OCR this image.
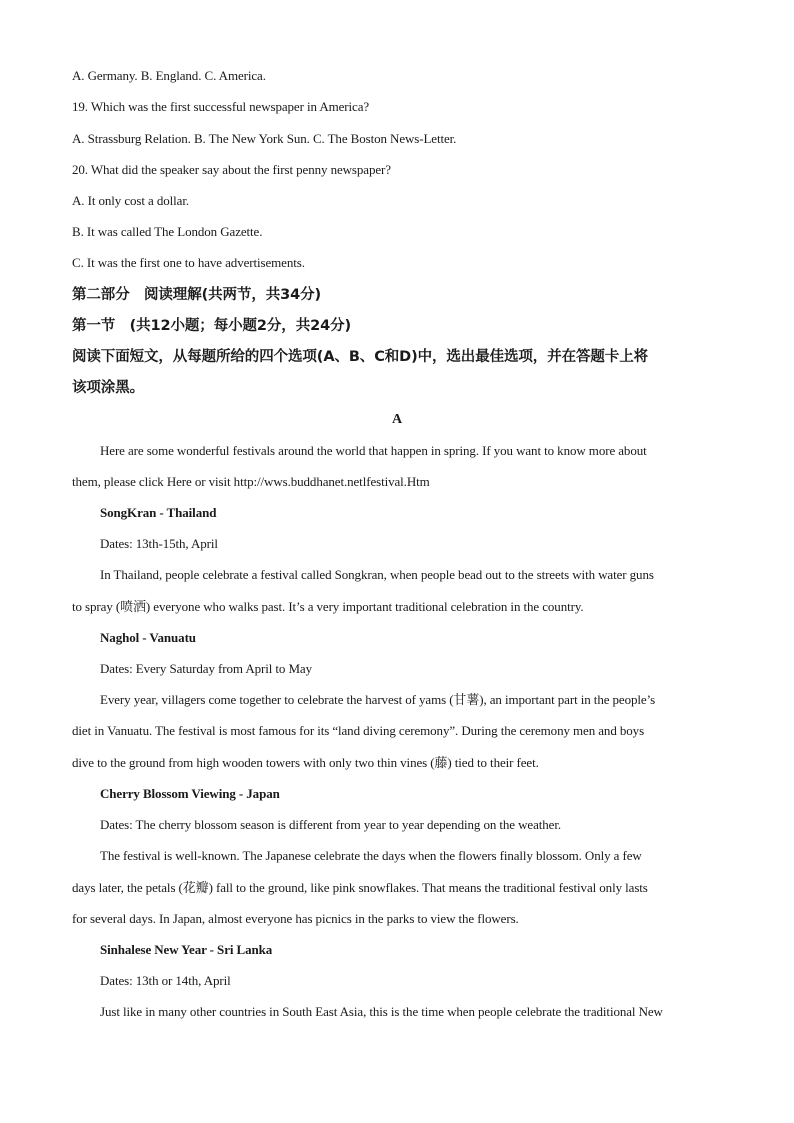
A. Germany. B. England. C. America.
19. Which was the first successful newspaper in America?
A. Strassburg Relation. B. The New York Sun. C. The Boston News-Letter.
20. What did the speaker say about the first penny newspaper?
A. It only cost a dollar.
B. It was called The London Gazette.
C. It was the first one to have advertisements.
第二部分　阅读理解(共两节，共34分)
第一节　(共12小题；每小题2分，共24分)
阅读下面短文，从每题所给的四个选项(A、B、C和D)中，选出最佳选项，并在答题卡上将
该项涂黑。
A
Here are some wonderful festivals around the world that happen in spring. If you want to know more about
them, please click Here or visit http://wws.buddhanet.netlfestival.Htm
SongKran - Thailand
Dates: 13th-15th, April
In Thailand, people celebrate a festival called Songkran, when people bead out to the streets with water guns
to spray (喷洒) everyone who walks past. It’s a very important traditional celebration in the country.
Naghol - Vanuatu
Dates: Every Saturday from April to May
Every year, villagers come together to celebrate the harvest of yams (甘薯), an important part in the people’s
diet in Vanuatu. The festival is most famous for its “land diving ceremony”. During the ceremony men and boys
dive to the ground from high wooden towers with only two thin vines (藤) tied to their feet.
Cherry Blossom Viewing - Japan
Dates: The cherry blossom season is different from year to year depending on the weather.
The festival is well-known. The Japanese celebrate the days when the flowers finally blossom. Only a few
days later, the petals (花瓣) fall to the ground, like pink snowflakes. That means the traditional festival only lasts
for several days. In Japan, almost everyone has picnics in the parks to view the flowers.
Sinhalese New Year - Sri Lanka
Dates: 13th or 14th, April
Just like in many other countries in South East Asia, this is the time when people celebrate the traditional New
